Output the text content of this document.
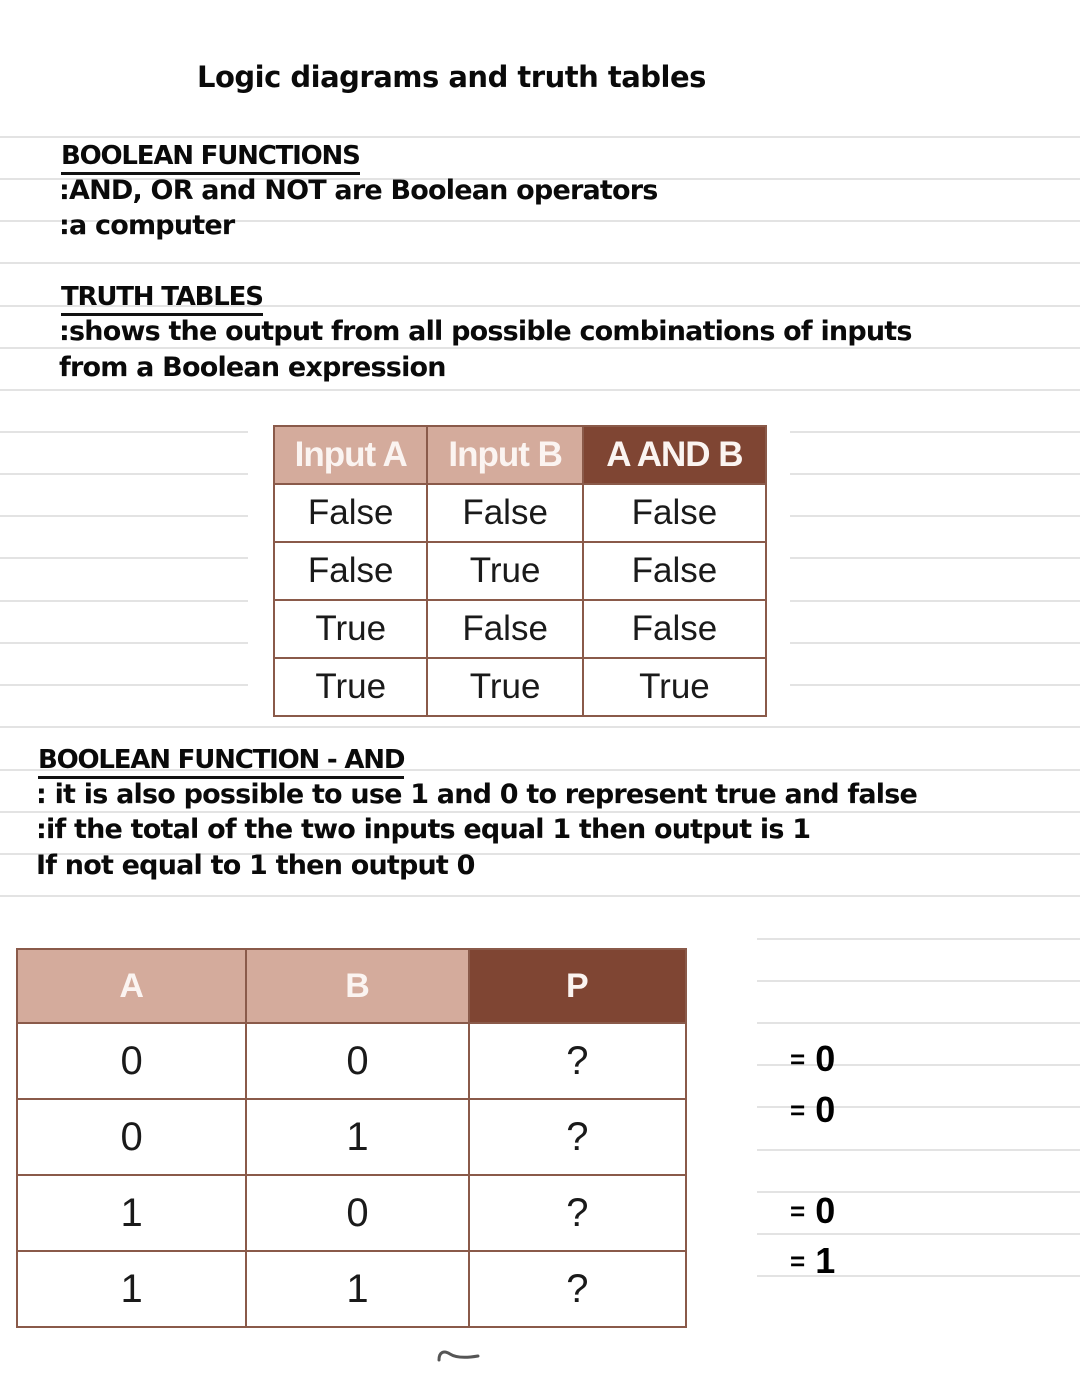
Logic diagrams and truth tables
BOOLEAN FUNCTIONS
:AND, OR and NOT are Boolean operators
:a computer
TRUTH TABLES
:shows the output from all possible combinations of inputs
from a Boolean expression
Input A	Input B	A AND B
False	False	False
False	True	False
True	False	False
True	True	True
BOOLEAN FUNCTION - AND
: it is also possible to use 1 and 0 to represent true and false
:if the total of the two inputs equal 1 then output is 1
If not equal to 1 then output 0
A	B	P
0	0	?
0	1	?
1	0	?
1	1	?
= 0
= 0
= 0
= 1
